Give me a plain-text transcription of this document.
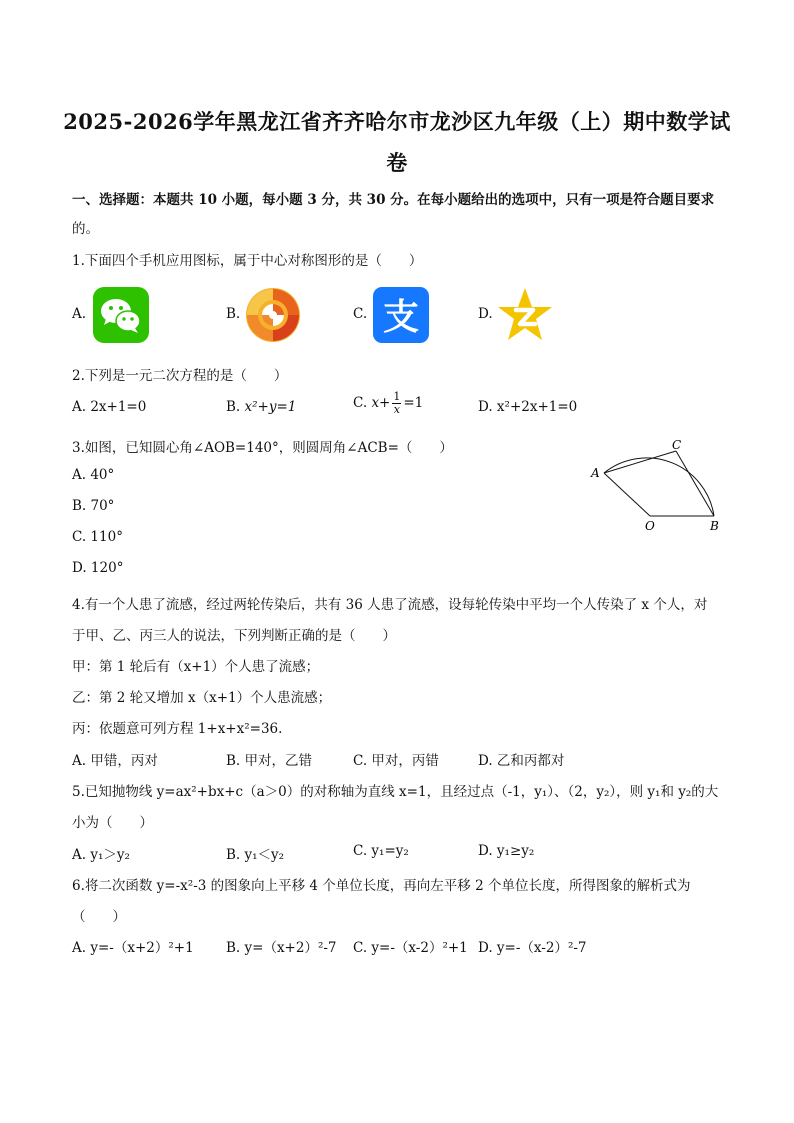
2025-2026学年黑龙江省齐齐哈尔市龙沙区九年级（上）期中数学试
卷
一、选择题：本题共 10 小题，每小题 3 分，共 30 分。在每小题给出的选项中，只有一项是符合题目要求
的。
1.下面四个手机应用图标，属于中心对称图形的是（　　）
A.	B.	C. 支	D.
2.下列是一元二次方程的是（　　）
A. 2x+1=0	B. x²+y=1	C. $x+ \frac{1}{x} =1$	D. x²+2x+1=0
3.如图，已知圆心角∠AOB=140°，则圆周角∠ACB=（　　）
A. 40°
B. 70°
C. 110°
D. 120°
A
C
O	B
4.有一个人患了流感，经过两轮传染后，共有 36 人患了流感，设每轮传染中平均一个人传染了 x 个人，对
于甲、乙、丙三人的说法，下列判断正确的是（　　）
甲：第 1 轮后有（x+1）个人患了流感；
乙：第 2 轮又增加 x（x+1）个人患流感；
丙：依题意可列方程 1+x+x²=36.
A. 甲错，丙对	B. 甲对，乙错	C. 甲对，丙错	D. 乙和丙都对
5.已知抛物线 y=ax²+bx+c（a＞0）的对称轴为直线 x=1，且经过点（-1，y₁）、（2，y₂），则 y₁和 y₂的大
小为（　　）
A. y₁＞y₂	B. y₁＜y₂	C. y₁=y₂	D. y₁≥y₂
6.将二次函数 y=-x²-3 的图象向上平移 4 个单位长度，再向左平移 2 个单位长度，所得图象的解析式为
（　　）
A. y=-（x+2）²+1 B. y=（x+2）²-7 C. y=-（x-2）²+1 D. y=-（x-2）²-7
